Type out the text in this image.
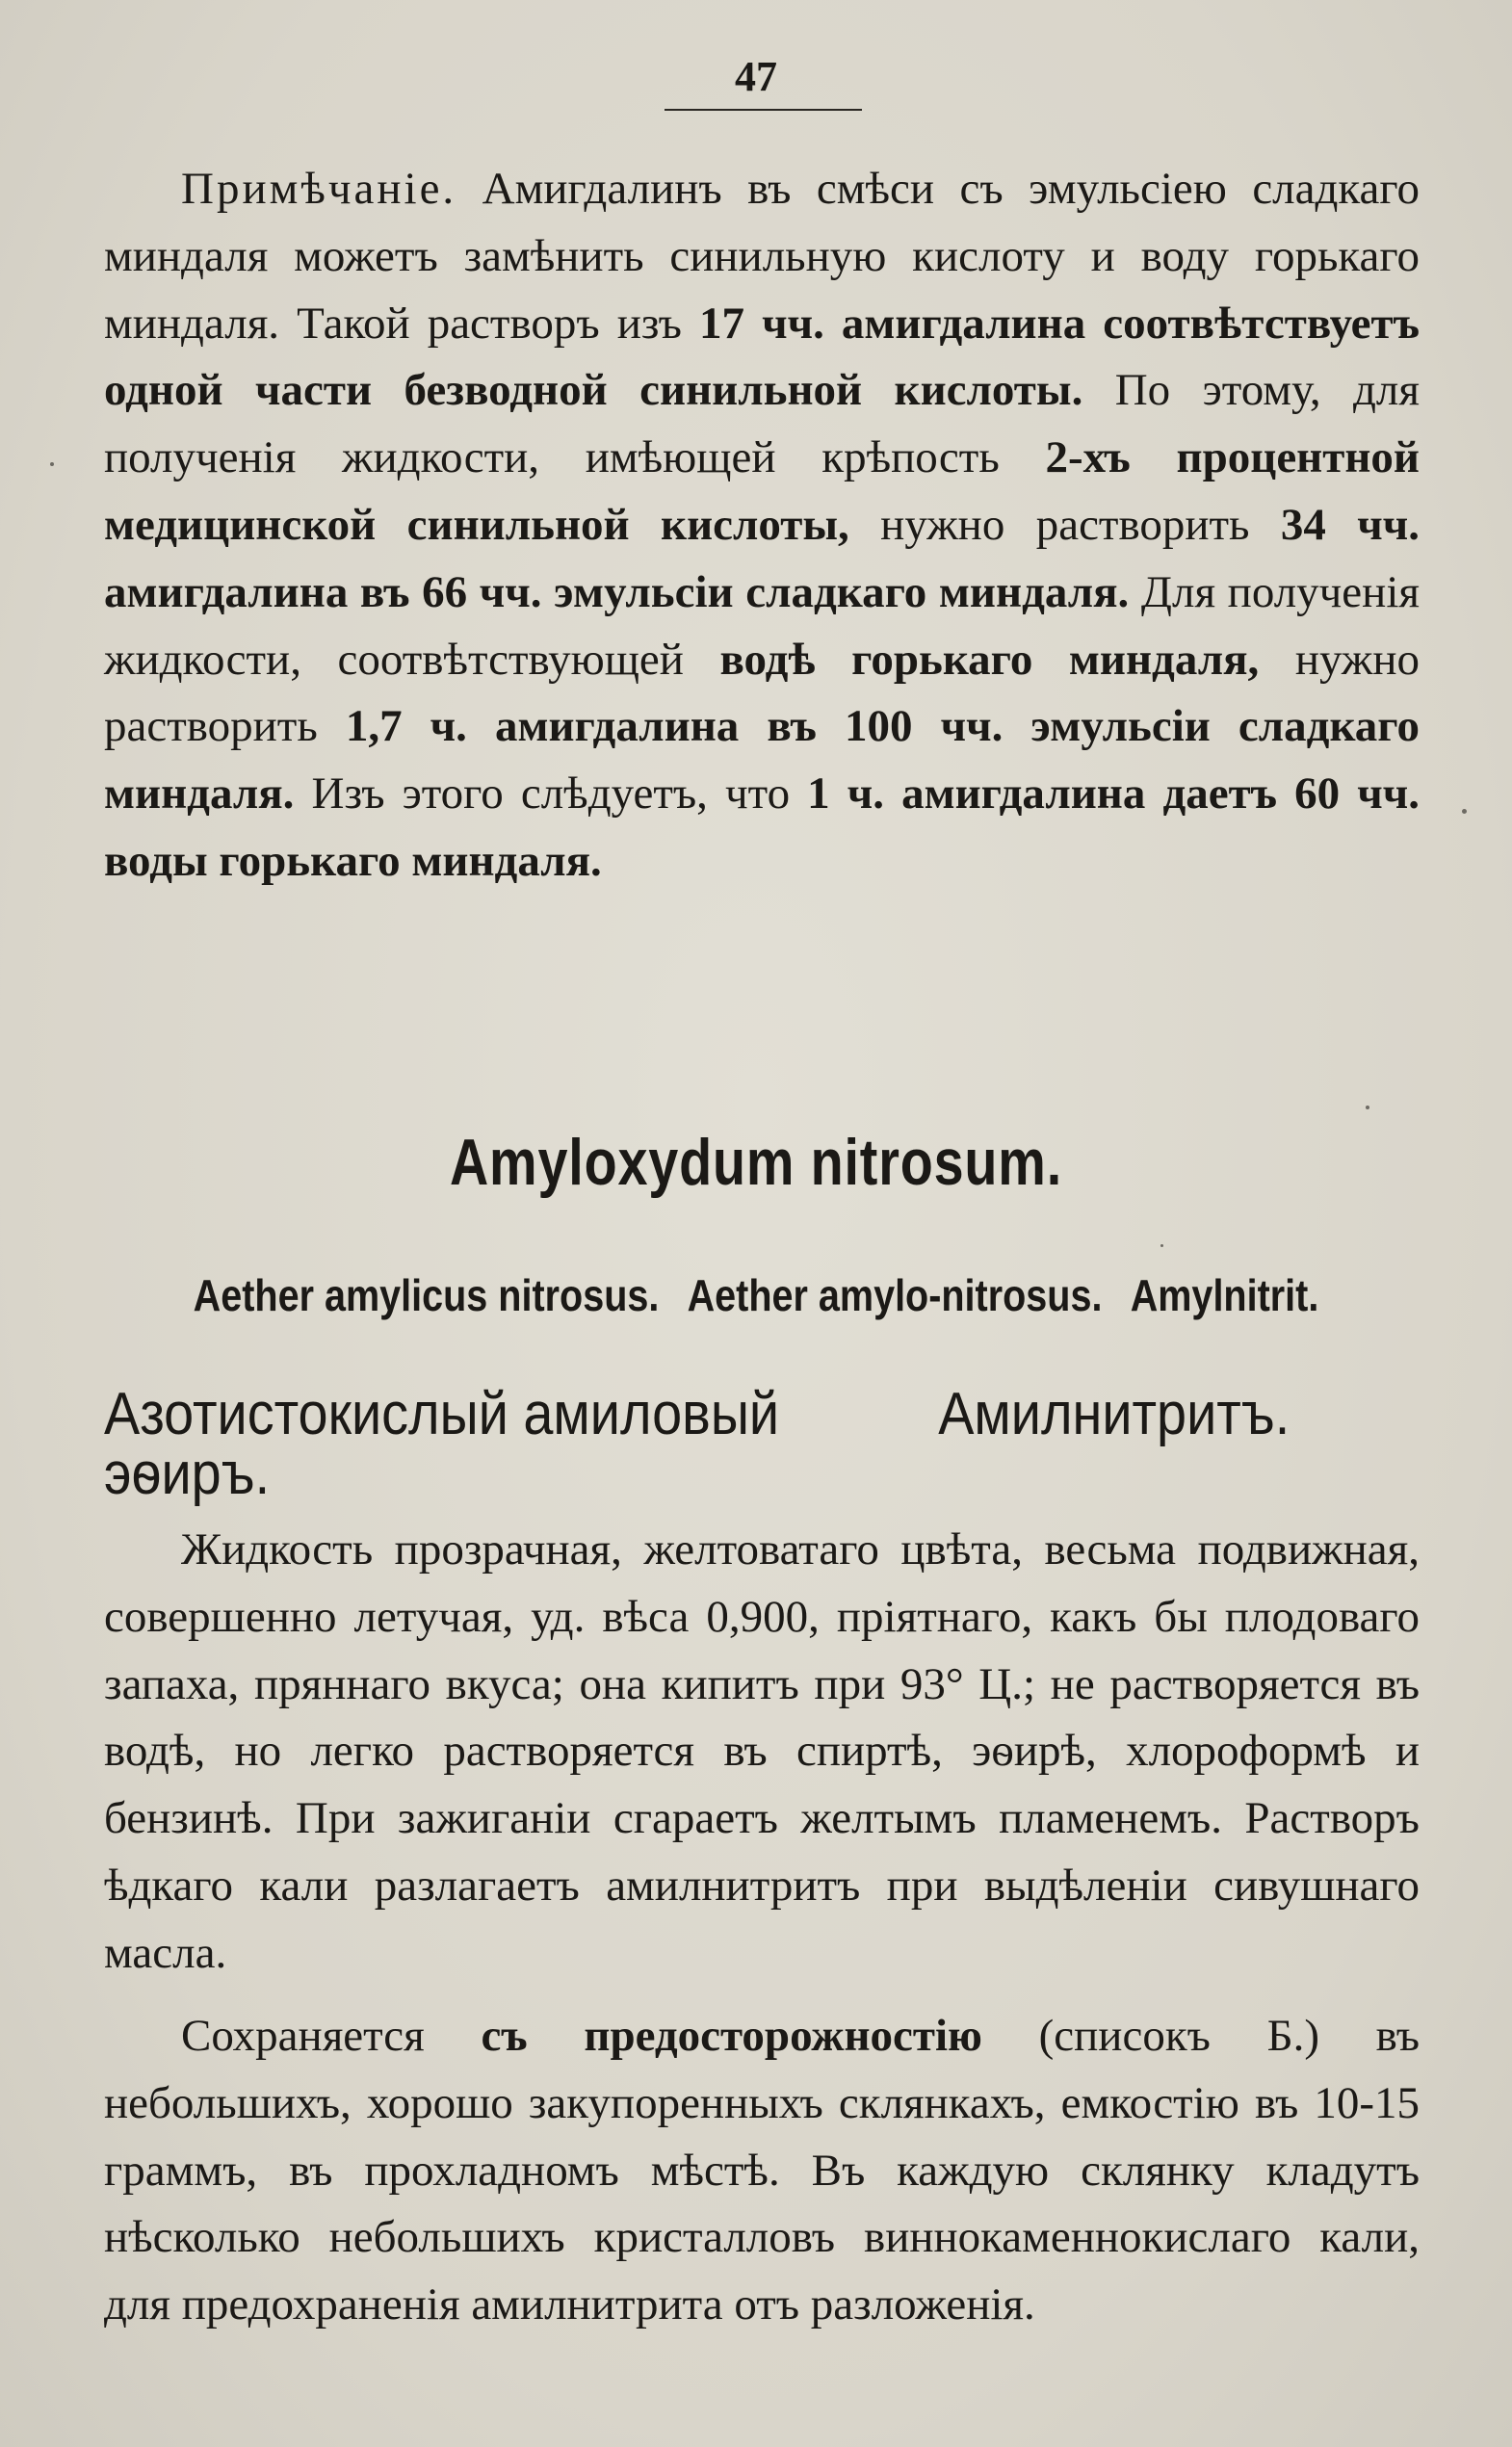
47

Примѣчаніе. Амигдалинъ въ смѣси съ эмульсіею сладкаго миндаля можетъ замѣнить синильную кислоту и воду горькаго миндаля. Такой растворъ изъ 17 чч. амигдалина соотвѣтствуетъ одной части безводной синильной кислоты. По этому, для полученія жидкости, имѣющей крѣпость 2-хъ процентной медицинской синильной кислоты, нужно растворить 34 чч. амигдалина въ 66 чч. эмульсіи сладкаго миндаля. Для полученія жидкости, соотвѣтствующей водѣ горькаго миндаля, нужно растворить 1,7 ч. амигдалина въ 100 чч. эмульсіи сладкаго миндаля. Изъ этого слѣдуетъ, что 1 ч. амигдалина даетъ 60 чч. воды горькаго миндаля.

Amyloxydum nitrosum.
Aether amylicus nitrosus. Aether amylo-nitrosus. Amylnitrit.
Азотистокислый амиловый эѳиръ.
Амилнитритъ.

Жидкость прозрачная, желтоватаго цвѣта, весьма подвижная, совершенно летучая, уд. вѣса 0,900, пріятнаго, какъ бы плодоваго запаха, пряннаго вкуса; она кипитъ при 93° Ц.; не растворяется въ водѣ, но легко растворяется въ спиртѣ, эѳирѣ, хлороформѣ и бензинѣ. При зажиганіи сгараетъ желтымъ пламенемъ. Растворъ ѣдкаго кали разлагаетъ амилнитритъ при выдѣленіи сивушнаго масла.

Сохраняется съ предосторожностію (списокъ Б.) въ небольшихъ, хорошо закупоренныхъ склянкахъ, емкостію въ 10-15 граммъ, въ прохладномъ мѣстѣ. Въ каждую склянку кладутъ нѣсколько небольшихъ кристалловъ виннокаменнокислаго кали, для предохраненія амилнитрита отъ разложенія.
